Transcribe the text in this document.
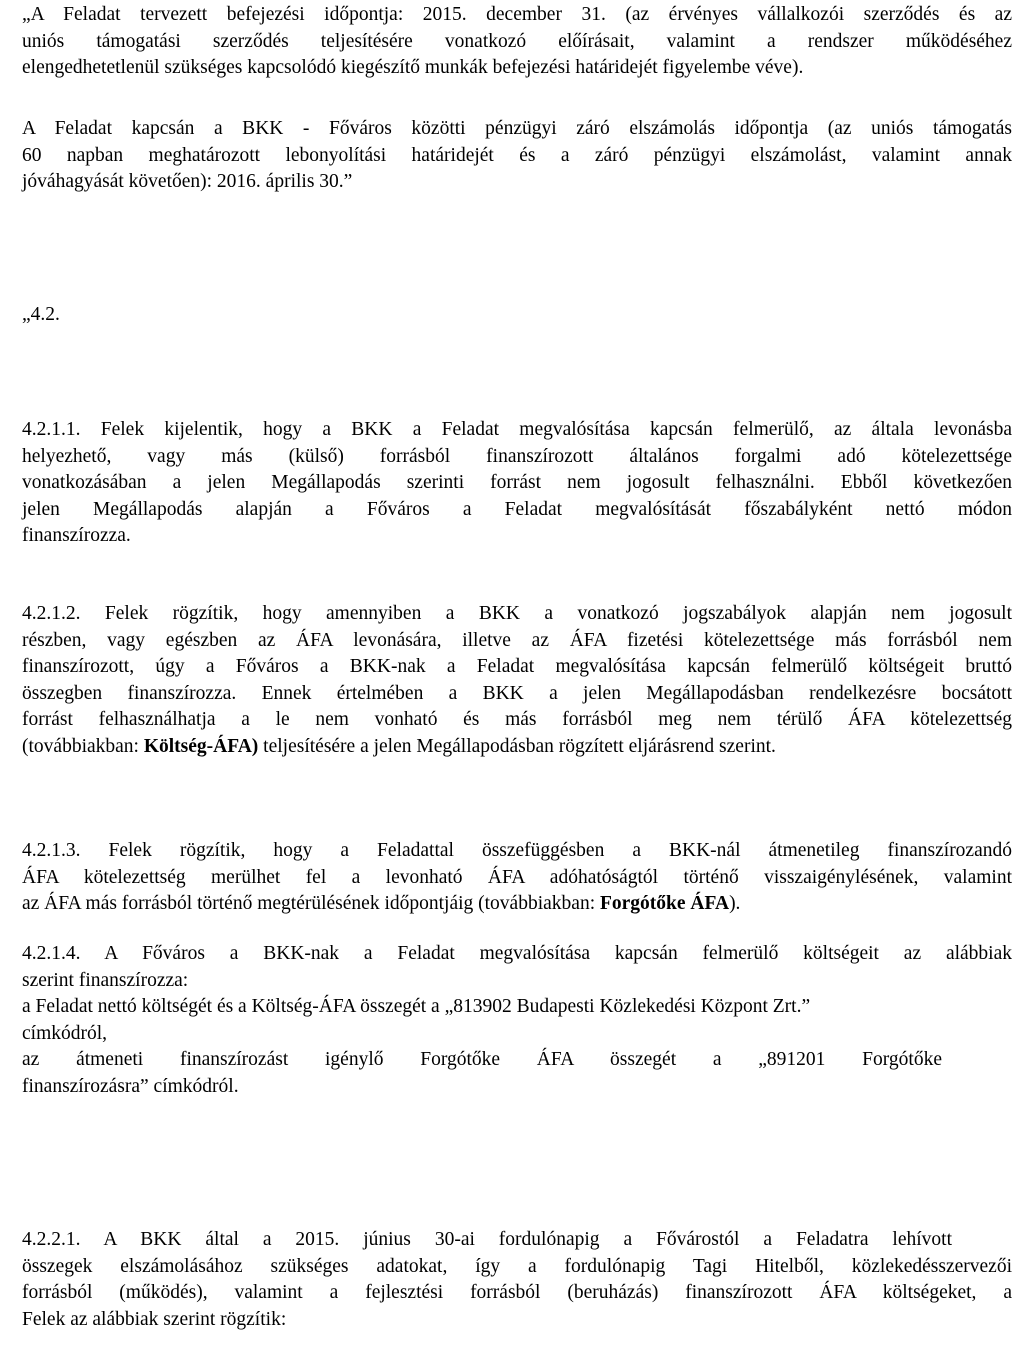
„A Feladat tervezett befejezési időpontja: 2015. december 31. (az érvényes vállalkozói szerződés és az
uniós támogatási szerződés teljesítésére vonatkozó előírásait, valamint a rendszer működéséhez
elengedhetetlenül szükséges kapcsolódó kiegészítő munkák befejezési határidejét figyelembe véve).
A Feladat kapcsán a BKK - Főváros közötti pénzügyi záró elszámolás időpontja (az uniós támogatás
60 napban meghatározott lebonyolítási határidejét és a záró pénzügyi elszámolást, valamint annak
jóváhagyását követően): 2016. április 30.”
„4.2.
4.2.1.1. Felek kijelentik, hogy a BKK a Feladat megvalósítása kapcsán felmerülő, az általa levonásba
helyezhető, vagy más (külső) forrásból finanszírozott általános forgalmi adó kötelezettsége
vonatkozásában a jelen Megállapodás szerinti forrást nem jogosult felhasználni. Ebből következően
jelen Megállapodás alapján a Főváros a Feladat megvalósítását főszabályként nettó módon
finanszírozza.
4.2.1.2. Felek rögzítik, hogy amennyiben a BKK a vonatkozó jogszabályok alapján nem jogosult
részben, vagy egészben az ÁFA levonására, illetve az ÁFA fizetési kötelezettsége más forrásból nem
finanszírozott, úgy a Főváros a BKK-nak a Feladat megvalósítása kapcsán felmerülő költségeit bruttó
összegben finanszírozza. Ennek értelmében a BKK a jelen Megállapodásban rendelkezésre bocsátott
forrást felhasználhatja a le nem vonható és más forrásból meg nem térülő ÁFA kötelezettség
(továbbiakban: Költség-ÁFA) teljesítésére a jelen Megállapodásban rögzített eljárásrend szerint.
4.2.1.3. Felek rögzítik, hogy a Feladattal összefüggésben a BKK-nál átmenetileg finanszírozandó
ÁFA kötelezettség merülhet fel a levonható ÁFA adóhatóságtól történő visszaigénylésének, valamint
az ÁFA más forrásból történő megtérülésének időpontjáig (továbbiakban: Forgótőke ÁFA).
4.2.1.4. A Főváros a BKK-nak a Feladat megvalósítása kapcsán felmerülő költségeit az alábbiak
szerint finanszírozza:
a Feladat nettó költségét és a Költség-ÁFA összegét a „813902 Budapesti Közlekedési Központ Zrt.”
címkódról,
az átmeneti finanszírozást igénylő Forgótőke ÁFA összegét a „891201 Forgótőke
finanszírozásra” címkódról.
4.2.2.1. A BKK által a 2015. június 30-ai fordulónapig a Fővárostól a Feladatra lehívott
összegek elszámolásához szükséges adatokat, így a fordulónapig Tagi Hitelből, közlekedésszervezői
forrásból (működés), valamint a fejlesztési forrásból (beruházás) finanszírozott ÁFA költségeket, a
Felek az alábbiak szerint rögzítik:
